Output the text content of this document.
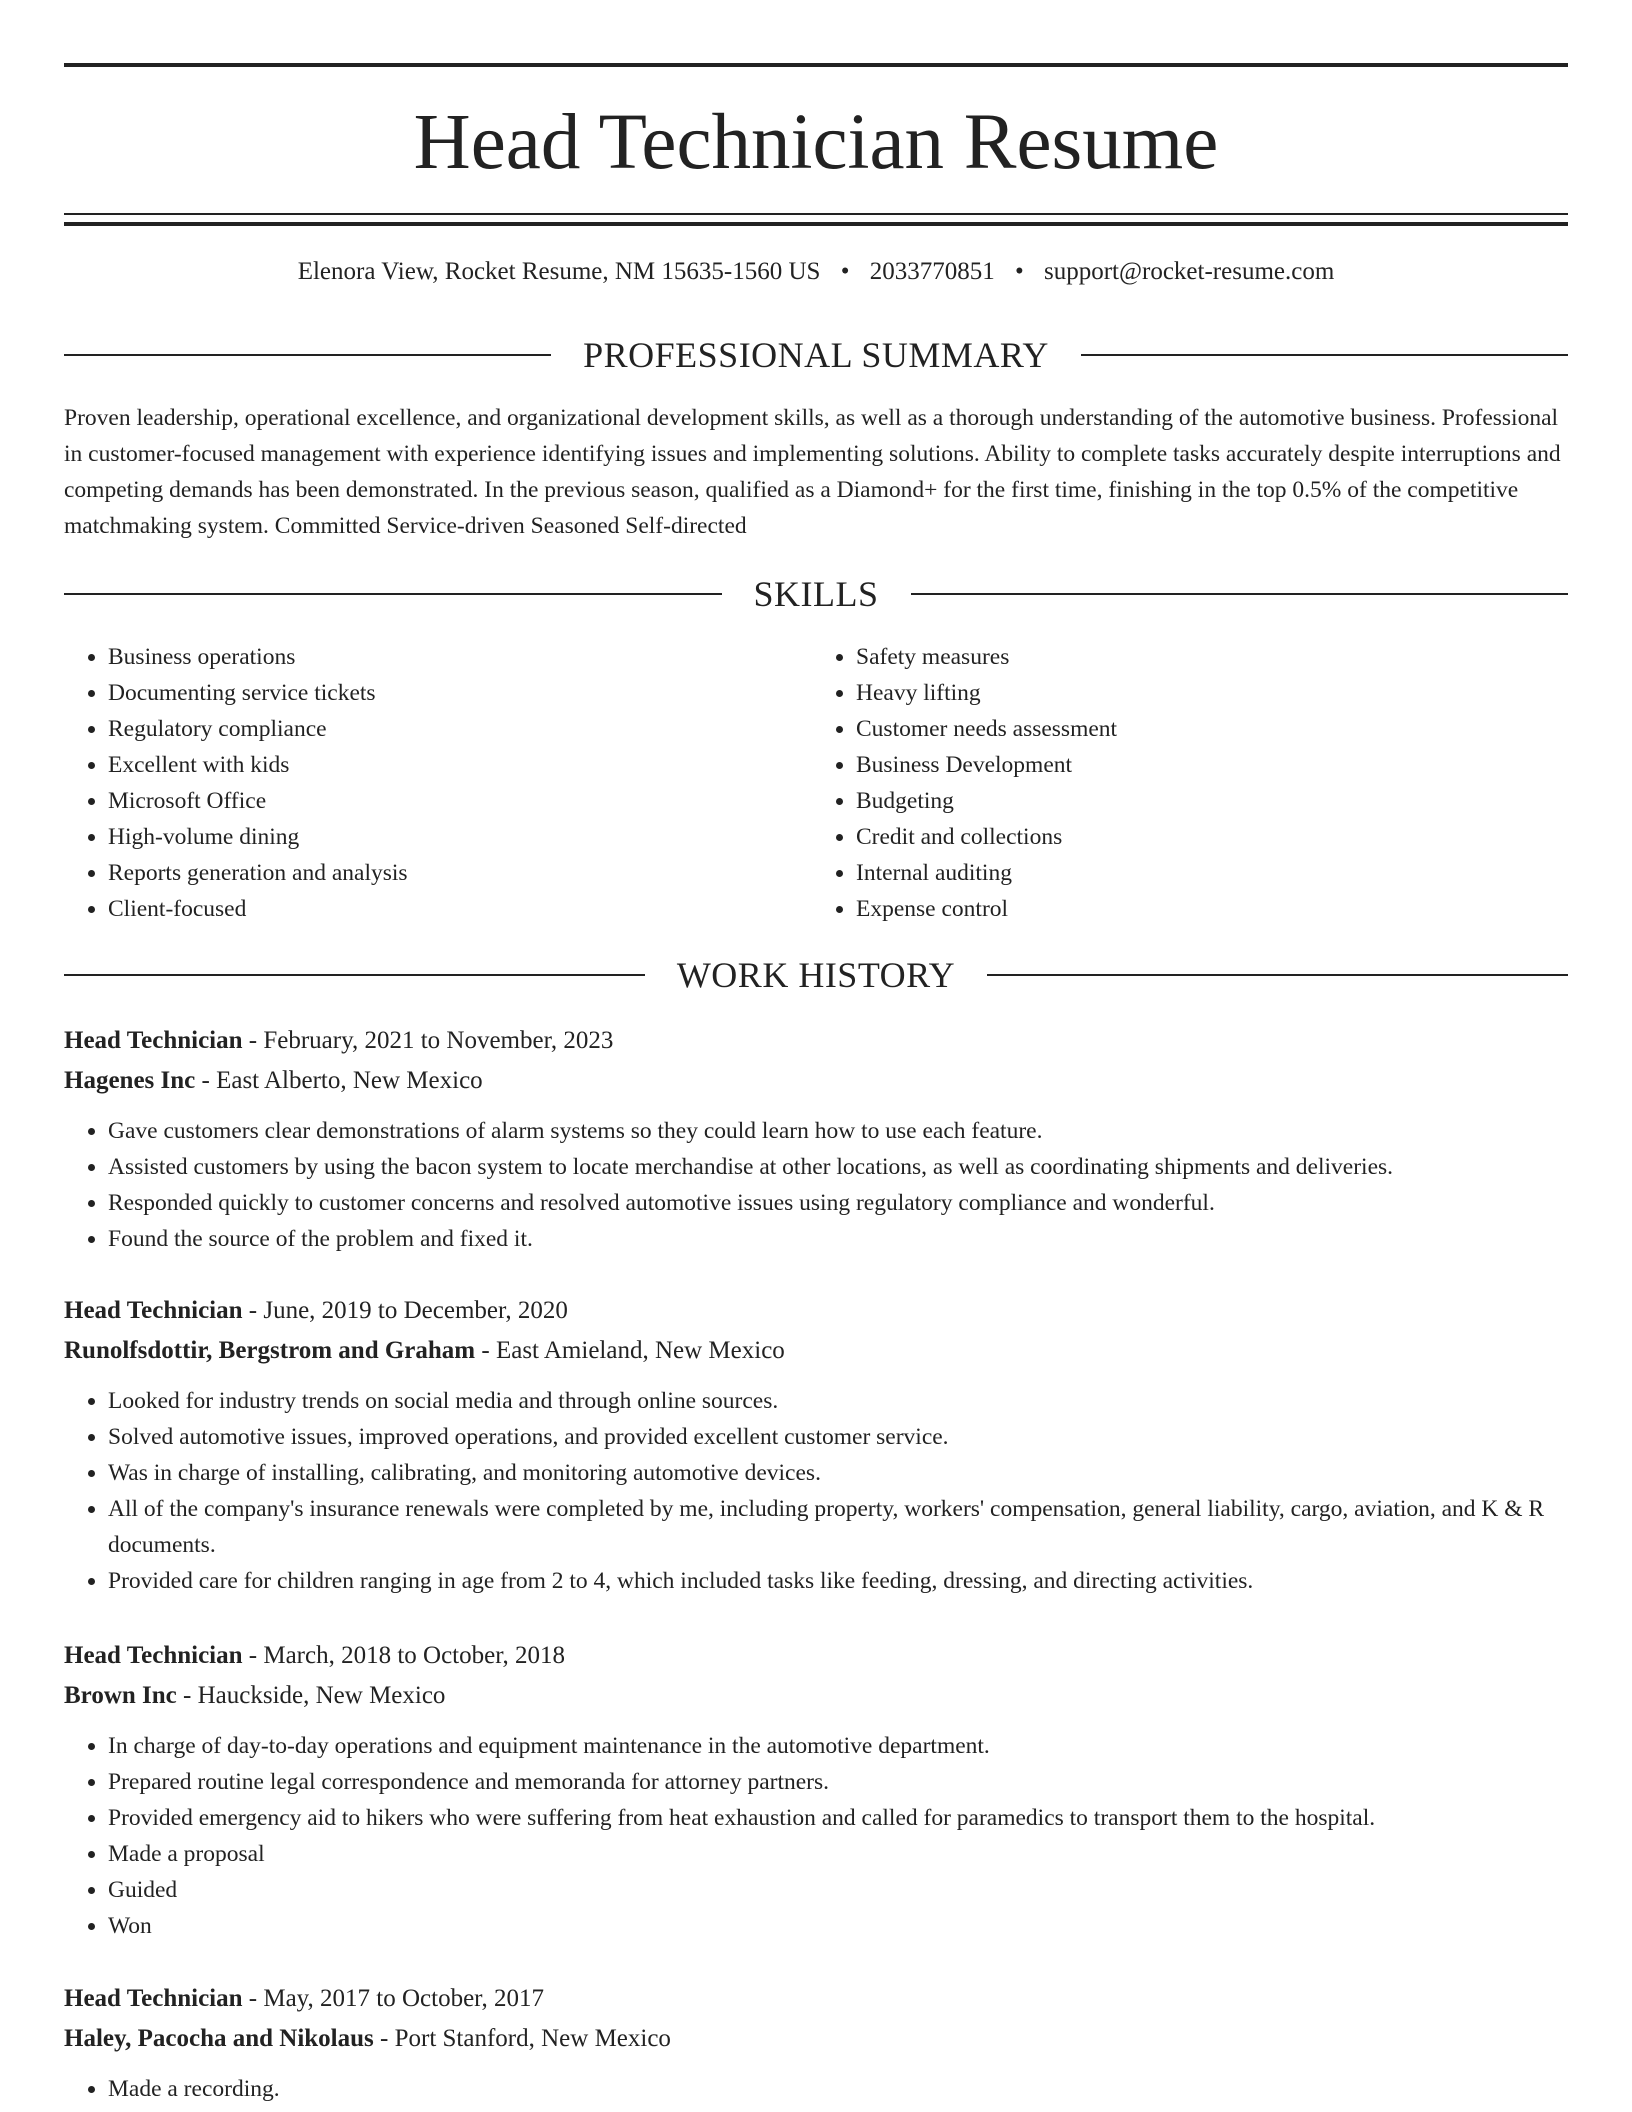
Head Technician Resume
Elenora View, Rocket Resume, NM 15635-1560 US • 2033770851 • support@rocket-resume.com
PROFESSIONAL SUMMARY
Proven leadership, operational excellence, and organizational development skills, as well as a thorough understanding of the automotive business. Professional in customer-focused management with experience identifying issues and implementing solutions. Ability to complete tasks accurately despite interruptions and competing demands has been demonstrated. In the previous season, qualified as a Diamond+ for the first time, finishing in the top 0.5% of the competitive matchmaking system. Committed Service-driven Seasoned Self-directed
SKILLS
• Business operations
• Documenting service tickets
• Regulatory compliance
• Excellent with kids
• Microsoft Office
• High-volume dining
• Reports generation and analysis
• Client-focused
• Safety measures
• Heavy lifting
• Customer needs assessment
• Business Development
• Budgeting
• Credit and collections
• Internal auditing
• Expense control
WORK HISTORY
Head Technician - February, 2021 to November, 2023
Hagenes Inc - East Alberto, New Mexico
• Gave customers clear demonstrations of alarm systems so they could learn how to use each feature.
• Assisted customers by using the bacon system to locate merchandise at other locations, as well as coordinating shipments and deliveries.
• Responded quickly to customer concerns and resolved automotive issues using regulatory compliance and wonderful.
• Found the source of the problem and fixed it.
Head Technician - June, 2019 to December, 2020
Runolfsdottir, Bergstrom and Graham - East Amieland, New Mexico
• Looked for industry trends on social media and through online sources.
• Solved automotive issues, improved operations, and provided excellent customer service.
• Was in charge of installing, calibrating, and monitoring automotive devices.
• All of the company's insurance renewals were completed by me, including property, workers' compensation, general liability, cargo, aviation, and K & R documents.
• Provided care for children ranging in age from 2 to 4, which included tasks like feeding, dressing, and directing activities.
Head Technician - March, 2018 to October, 2018
Brown Inc - Hauckside, New Mexico
• In charge of day-to-day operations and equipment maintenance in the automotive department.
• Prepared routine legal correspondence and memoranda for attorney partners.
• Provided emergency aid to hikers who were suffering from heat exhaustion and called for paramedics to transport them to the hospital.
• Made a proposal
• Guided
• Won
Head Technician - May, 2017 to October, 2017
Haley, Pacocha and Nikolaus - Port Stanford, New Mexico
• Made a recording.
